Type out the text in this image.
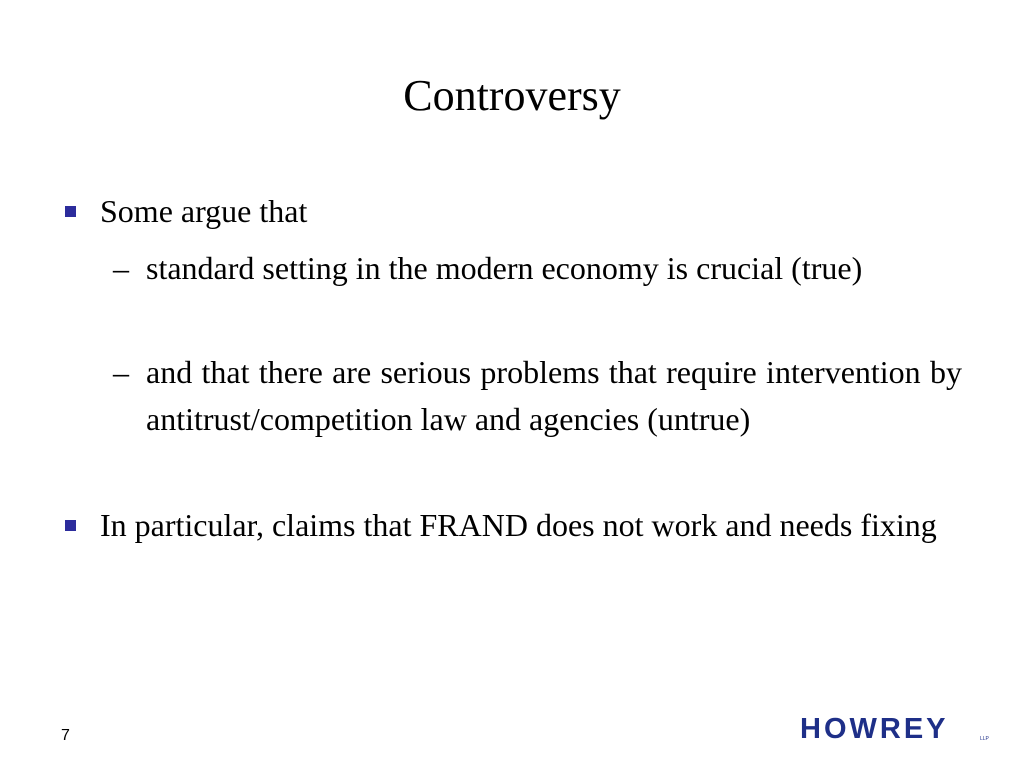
Controversy
Some argue that
– standard setting in the modern economy is crucial (true)
– and that there are serious problems that require intervention by antitrust/competition law and agencies (untrue)
In particular, claims that FRAND does not work and needs fixing
7	HOWREY	LLP
